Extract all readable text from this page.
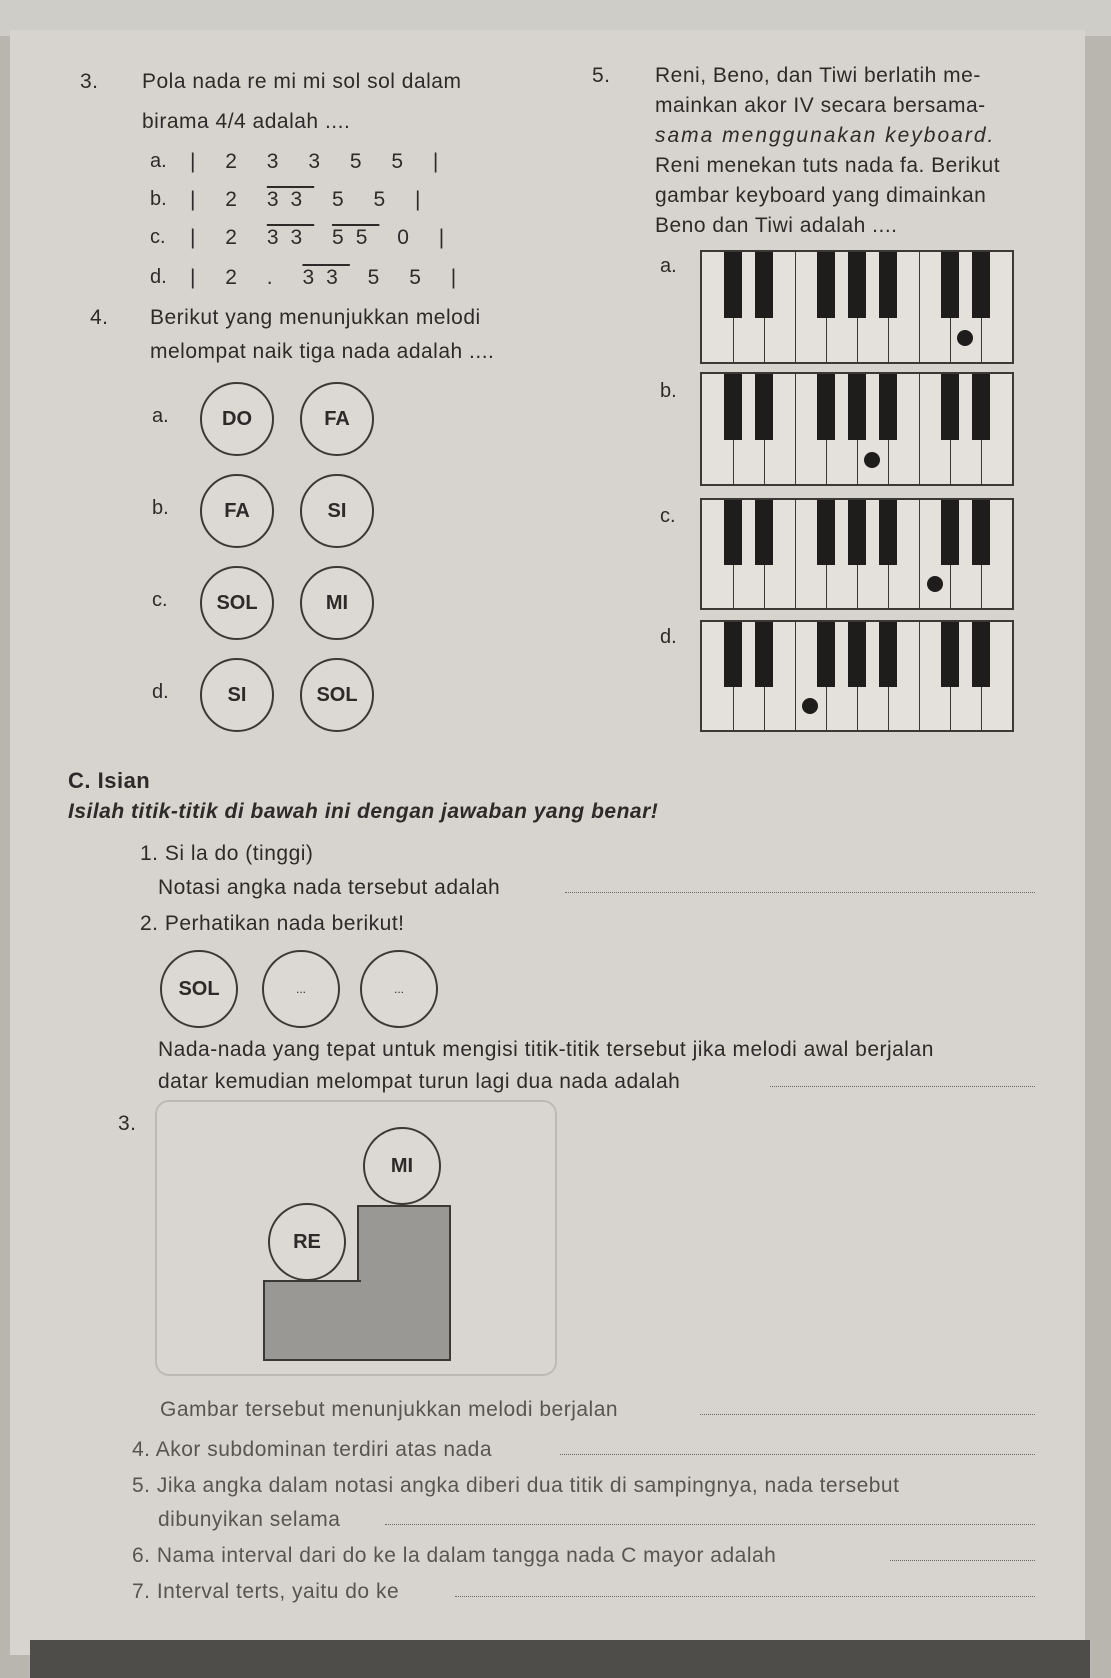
3. Pola nada re mi mi sol sol dalam
birama 4/4 adalah ....
a. | 2 3 3 5 5 |
b. | 2 33 5 5 |
c. | 2 33 55 0 |
d. | 2 . 33 5 5 |
4. Berikut yang menunjukkan melodi
melompat naik tiga nada adalah ....
a.	DO	FA
b.	FA	SI
c.	SOL	MI
d.	SI	SOL
5. Reni, Beno, dan Tiwi berlatih me-
mainkan akor IV secara bersama-
sama menggunakan keyboard.
Reni menekan tuts nada fa. Berikut
gambar keyboard yang dimainkan
Beno dan Tiwi adalah ....
a.
b.
c.
d.
C. Isian
Isilah titik-titik di bawah ini dengan jawaban yang benar!
1. Si la do (tinggi)
Notasi angka nada tersebut adalah
2. Perhatikan nada berikut!
SOL	...	...
Nada-nada yang tepat untuk mengisi titik-titik tersebut jika melodi awal berjalan
datar kemudian melompat turun lagi dua nada adalah
3.
MI
RE
Gambar tersebut menunjukkan melodi berjalan
4. Akor subdominan terdiri atas nada
5. Jika angka dalam notasi angka diberi dua titik di sampingnya, nada tersebut
dibunyikan selama
6. Nama interval dari do ke la dalam tangga nada C mayor adalah
7. Interval terts, yaitu do ke
